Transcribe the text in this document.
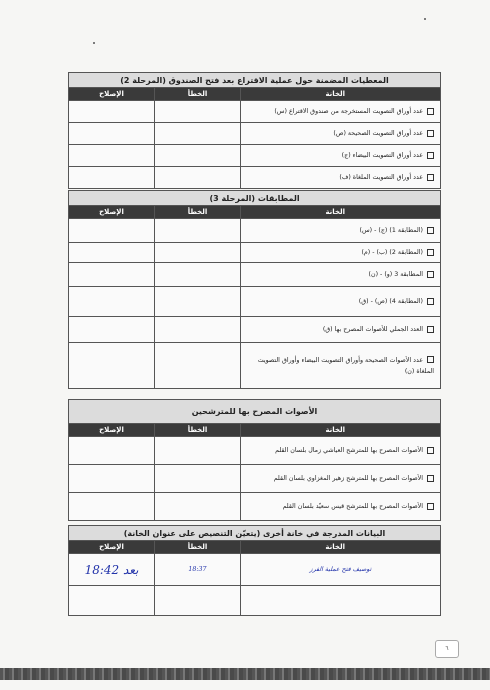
المعطيات المضمنة حول عملية الاقتراع بعد فتح الصندوق (المرحلة 2)		
الإصلاح	الخطأ	الخانة
		عدد أوراق التصويت المستخرجة من صندوق الاقتراع (س)
		عدد أوراق التصويت الصحيحة (ص)
		عدد أوراق التصويت البيضاء (ج)
		عدد أوراق التصويت الملغاة (ف)
المطابقات (المرحلة 3)		
الإصلاح	الخطأ	الخانة
		(المطابقة 1) (ج) - (س)
		(المطابقة 2) (ب) - (م)
		المطابقة 3 (و) - (ن)
		(المطابقة 4) (ص) - (ق)
		العدد الجملي للأصوات المصرح بها (ق)
		عدد الأصوات الصحيحة وأوراق التصويت البيضاء وأوراق التصويت الملغاة (ن)
الأصوات المصرح بها للمترشحين		
الإصلاح	الخطأ	الخانة
		الأصوات المصرح بها للمترشح العياشي زمال بلسان القلم
		الأصوات المصرح بها للمترشح زهير المغزاوي بلسان القلم
		الأصوات المصرح بها للمترشح قيس سعيّد بلسان القلم
البيانات المدرجة في خانة أخرى (يتعيّن التنصيص على عنوان الخانة)		
الإصلاح	الخطأ	الخانة
18:42 بعد	18:37	توصيف فتح عملية الفرز

٦
